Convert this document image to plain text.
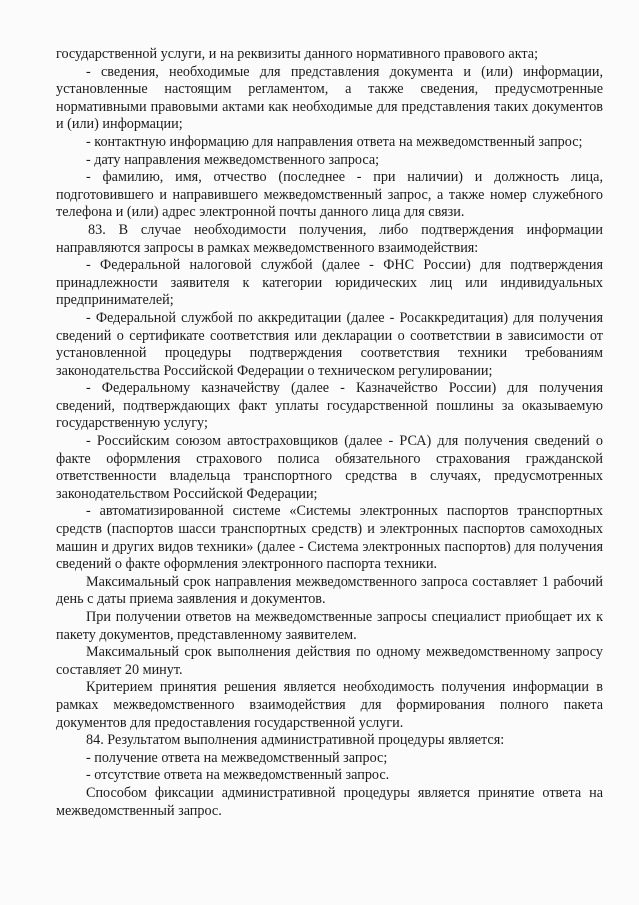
государственной услуги, и на реквизиты данного нормативного правового акта;

- сведения, необходимые для представления документа и (или) информации, установленные настоящим регламентом, а также сведения, предусмотренные нормативными правовыми актами как необходимые для представления таких документов и (или) информации;

- контактную информацию для направления ответа на межведомственный запрос;

- дату направления межведомственного запроса;

- фамилию, имя, отчество (последнее - при наличии) и должность лица, подготовившего и направившего межведомственный запрос, а также номер служебного телефона и (или) адрес электронной почты данного лица для связи.

83. В случае необходимости получения, либо подтверждения информации направляются запросы в рамках межведомственного взаимодействия:

- Федеральной налоговой службой (далее - ФНС России) для подтверждения принадлежности заявителя к категории юридических лиц или индивидуальных предпринимателей;

- Федеральной службой по аккредитации (далее - Росаккредитация) для получения сведений о сертификате соответствия или декларации о соответствии в зависимости от установленной процедуры подтверждения соответствия техники требованиям законодательства Российской Федерации о техническом регулировании;

- Федеральному казначейству (далее - Казначейство России) для получения сведений, подтверждающих факт уплаты государственной пошлины за оказываемую государственную услугу;

- Российским союзом автостраховщиков (далее - РСА) для получения сведений о факте оформления страхового полиса обязательного страхования гражданской ответственности владельца транспортного средства в случаях, предусмотренных законодательством Российской Федерации;

- автоматизированной системе «Системы электронных паспортов транспортных средств (паспортов шасси транспортных средств) и электронных паспортов самоходных машин и других видов техники» (далее - Система электронных паспортов) для получения сведений о факте оформления электронного паспорта техники.

Максимальный срок направления межведомственного запроса составляет 1 рабочий день с даты приема заявления и документов.

При получении ответов на межведомственные запросы специалист приобщает их к пакету документов, представленному заявителем.

Максимальный срок выполнения действия по одному межведомственному запросу составляет 20 минут.

Критерием принятия решения является необходимость получения информации в рамках межведомственного взаимодействия для формирования полного пакета документов для предоставления государственной услуги.

84. Результатом выполнения административной процедуры является:

- получение ответа на межведомственный запрос;

- отсутствие ответа на межведомственный запрос.

Способом фиксации административной процедуры является принятие ответа на межведомственный запрос.
